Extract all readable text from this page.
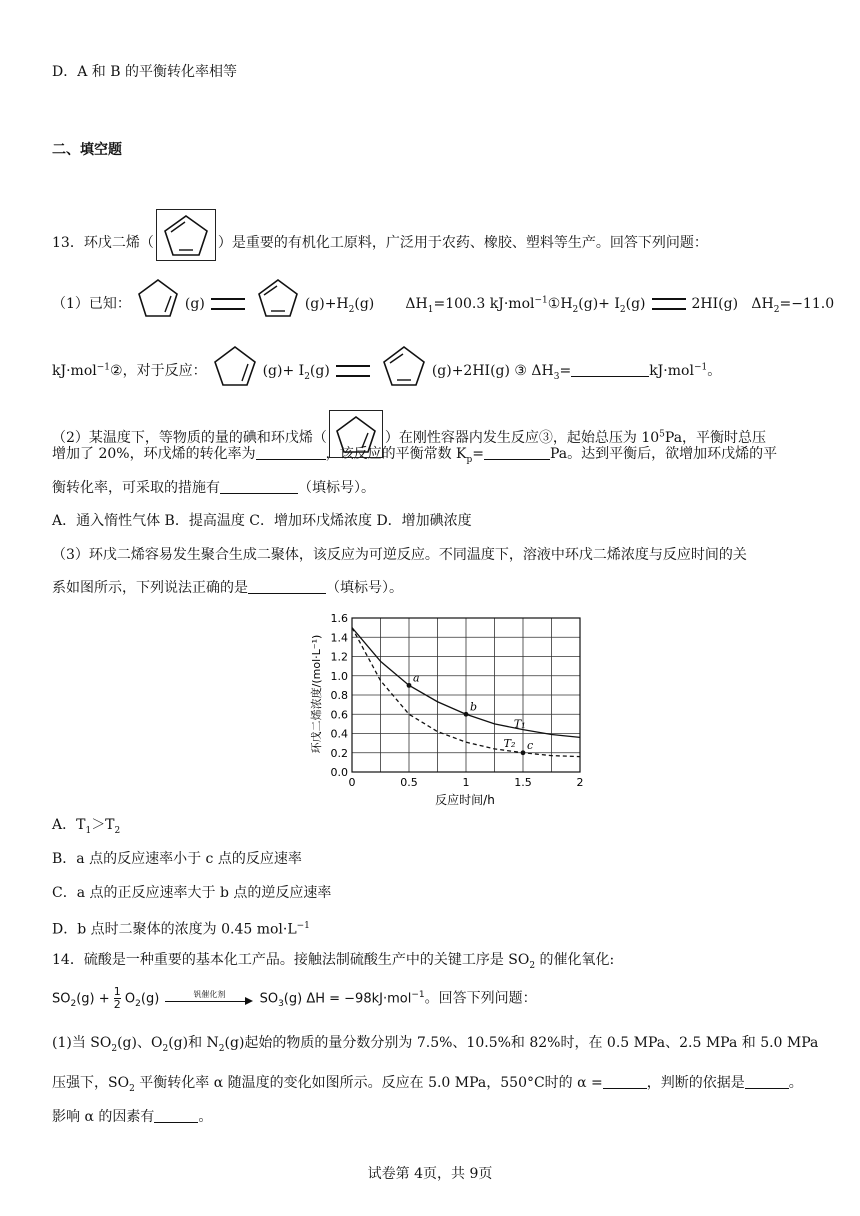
D．A 和 B 的平衡转化率相等
二、填空题
13．环戊二烯（	）是重要的有机化工原料，广泛用于农药、橡胶、塑料等生产。回答下列问题：
（1）已知：	(g)	$(g)+H_2(g)$ $\Delta H_1=100.3$ $kJ\cdot mol^{-1}①H_2(g)+ I_2(g)$	2HI(g) $\Delta H_2=-11.0$
kJ·mol$^{-1}$②，对于反应：	$(g)+ I_2(g)$	(g)+2HI(g) ③ $\Delta H_3=$	kJ·mol$^{-1}$。
（2）某温度下，等物质的量的碘和环戊烯（	）在刚性容器内发生反应③，起始总压为 $10^5Pa$，平衡时总压
增加了 20%，环戊烯的转化率为	，该反应的平衡常数 $K_p=$	Pa。达到平衡后，欲增加环戊烯的平
衡转化率，可采取的措施有	（填标号）。
A．通入惰性气体 B．提高温度 C．增加环戊烯浓度 D．增加碘浓度
（3）环戊二烯容易发生聚合生成二聚体，该反应为可逆反应。不同温度下，溶液中环戊二烯浓度与反应时间的关
系如图所示，下列说法正确的是	（填标号）。
0.0
0.2
0.4
0.6
0.8
1.0
1.2
1.4
1.6
0	0.5	1	1.5	2
T₁
T₂
a
b
c
反应时间/h
环戊二烯浓度/(mol·L⁻¹)
A．$T_1>T_2$
B．a 点的反应速率小于 c 点的反应速率
C．a 点的正反应速率大于 b 点的逆反应速率
D．b 点时二聚体的浓度为 0.45 $mol\cdot L^{-1}$
14．硫酸是一种重要的基本化工产品。接触法制硫酸生产中的关键工序是 $SO_2$ 的催化氧化:
$SO_2(g) + \frac{1}{2} O_2(g)$	钒催化剂	$SO_3(g) \Delta H = -98kJ\cdot mol^{-1}$。回答下列问题：
(1)当 $SO_2(g)$、$O_2(g)$和 $N_2(g)$起始的物质的量分数分别为 7.5%、10.5%和 82%时，在 0.5 MPa、2.5 MPa 和 5.0 MPa
压强下，$SO_2$ 平衡转化率 α 随温度的变化如图所示。反应在 5.0 MPa，550°C时的 α =	，判断的依据是	。
影响 α 的因素有	。
试卷第 4页，共 9页
